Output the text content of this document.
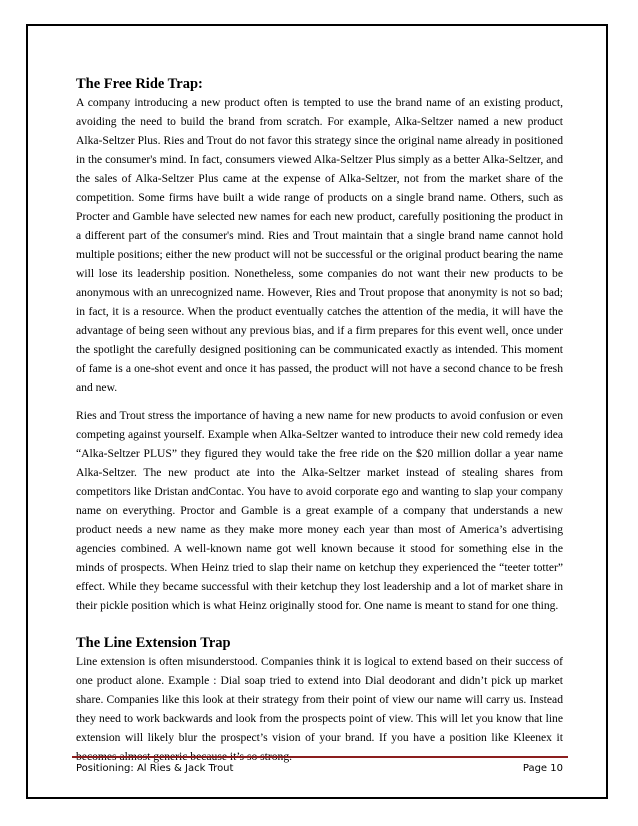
The Free Ride Trap:

A company introducing a new product often is tempted to use the brand name of an existing product, avoiding the need to build the brand from scratch. For example, Alka-Seltzer named a new product Alka-Seltzer Plus. Ries and Trout do not favor this strategy since the original name already in positioned in the consumer's mind. In fact, consumers viewed Alka-Seltzer Plus simply as a better Alka-Seltzer, and the sales of Alka-Seltzer Plus came at the expense of Alka-Seltzer, not from the market share of the competition. Some firms have built a wide range of products on a single brand name. Others, such as Procter and Gamble have selected new names for each new product, carefully positioning the product in a different part of the consumer's mind. Ries and Trout maintain that a single brand name cannot hold multiple positions; either the new product will not be successful or the original product bearing the name will lose its leadership position. Nonetheless, some companies do not want their new products to be anonymous with an unrecognized name. However, Ries and Trout propose that anonymity is not so bad; in fact, it is a resource. When the product eventually catches the attention of the media, it will have the advantage of being seen without any previous bias, and if a firm prepares for this event well, once under the spotlight the carefully designed positioning can be communicated exactly as intended. This moment of fame is a one-shot event and once it has passed, the product will not have a second chance to be fresh and new.

Ries and Trout stress the importance of having a new name for new products to avoid confusion or even competing against yourself. Example when Alka-Seltzer wanted to introduce their new cold remedy idea “Alka-Seltzer PLUS” they figured they would take the free ride on the $20 million dollar a year name Alka-Seltzer. The new product ate into the Alka-Seltzer market instead of stealing shares from competitors like Dristan andContac. You have to avoid corporate ego and wanting to slap your company name on everything. Proctor and Gamble is a great example of a company that understands a new product needs a new name as they make more money each year than most of America’s advertising agencies combined. A well-known name got well known because it stood for something else in the minds of prospects. When Heinz tried to slap their name on ketchup they experienced the “teeter totter” effect. While they became successful with their ketchup they lost leadership and a lot of market share in their pickle position which is what Heinz originally stood for. One name is meant to stand for one thing.

The Line Extension Trap

Line extension is often misunderstood. Companies think it is logical to extend based on their success of one product alone. Example : Dial soap tried to extend into Dial deodorant and didn’t pick up market share. Companies like this look at their strategy from their point of view our name will carry us. Instead they need to work backwards and look from the prospects point of view. This will let you know that line extension will likely blur the prospect’s vision of your brand. If you have a position like Kleenex it becomes almost generic because it’s so strong.

Positioning: Al Ries & Jack Trout	Page 10
